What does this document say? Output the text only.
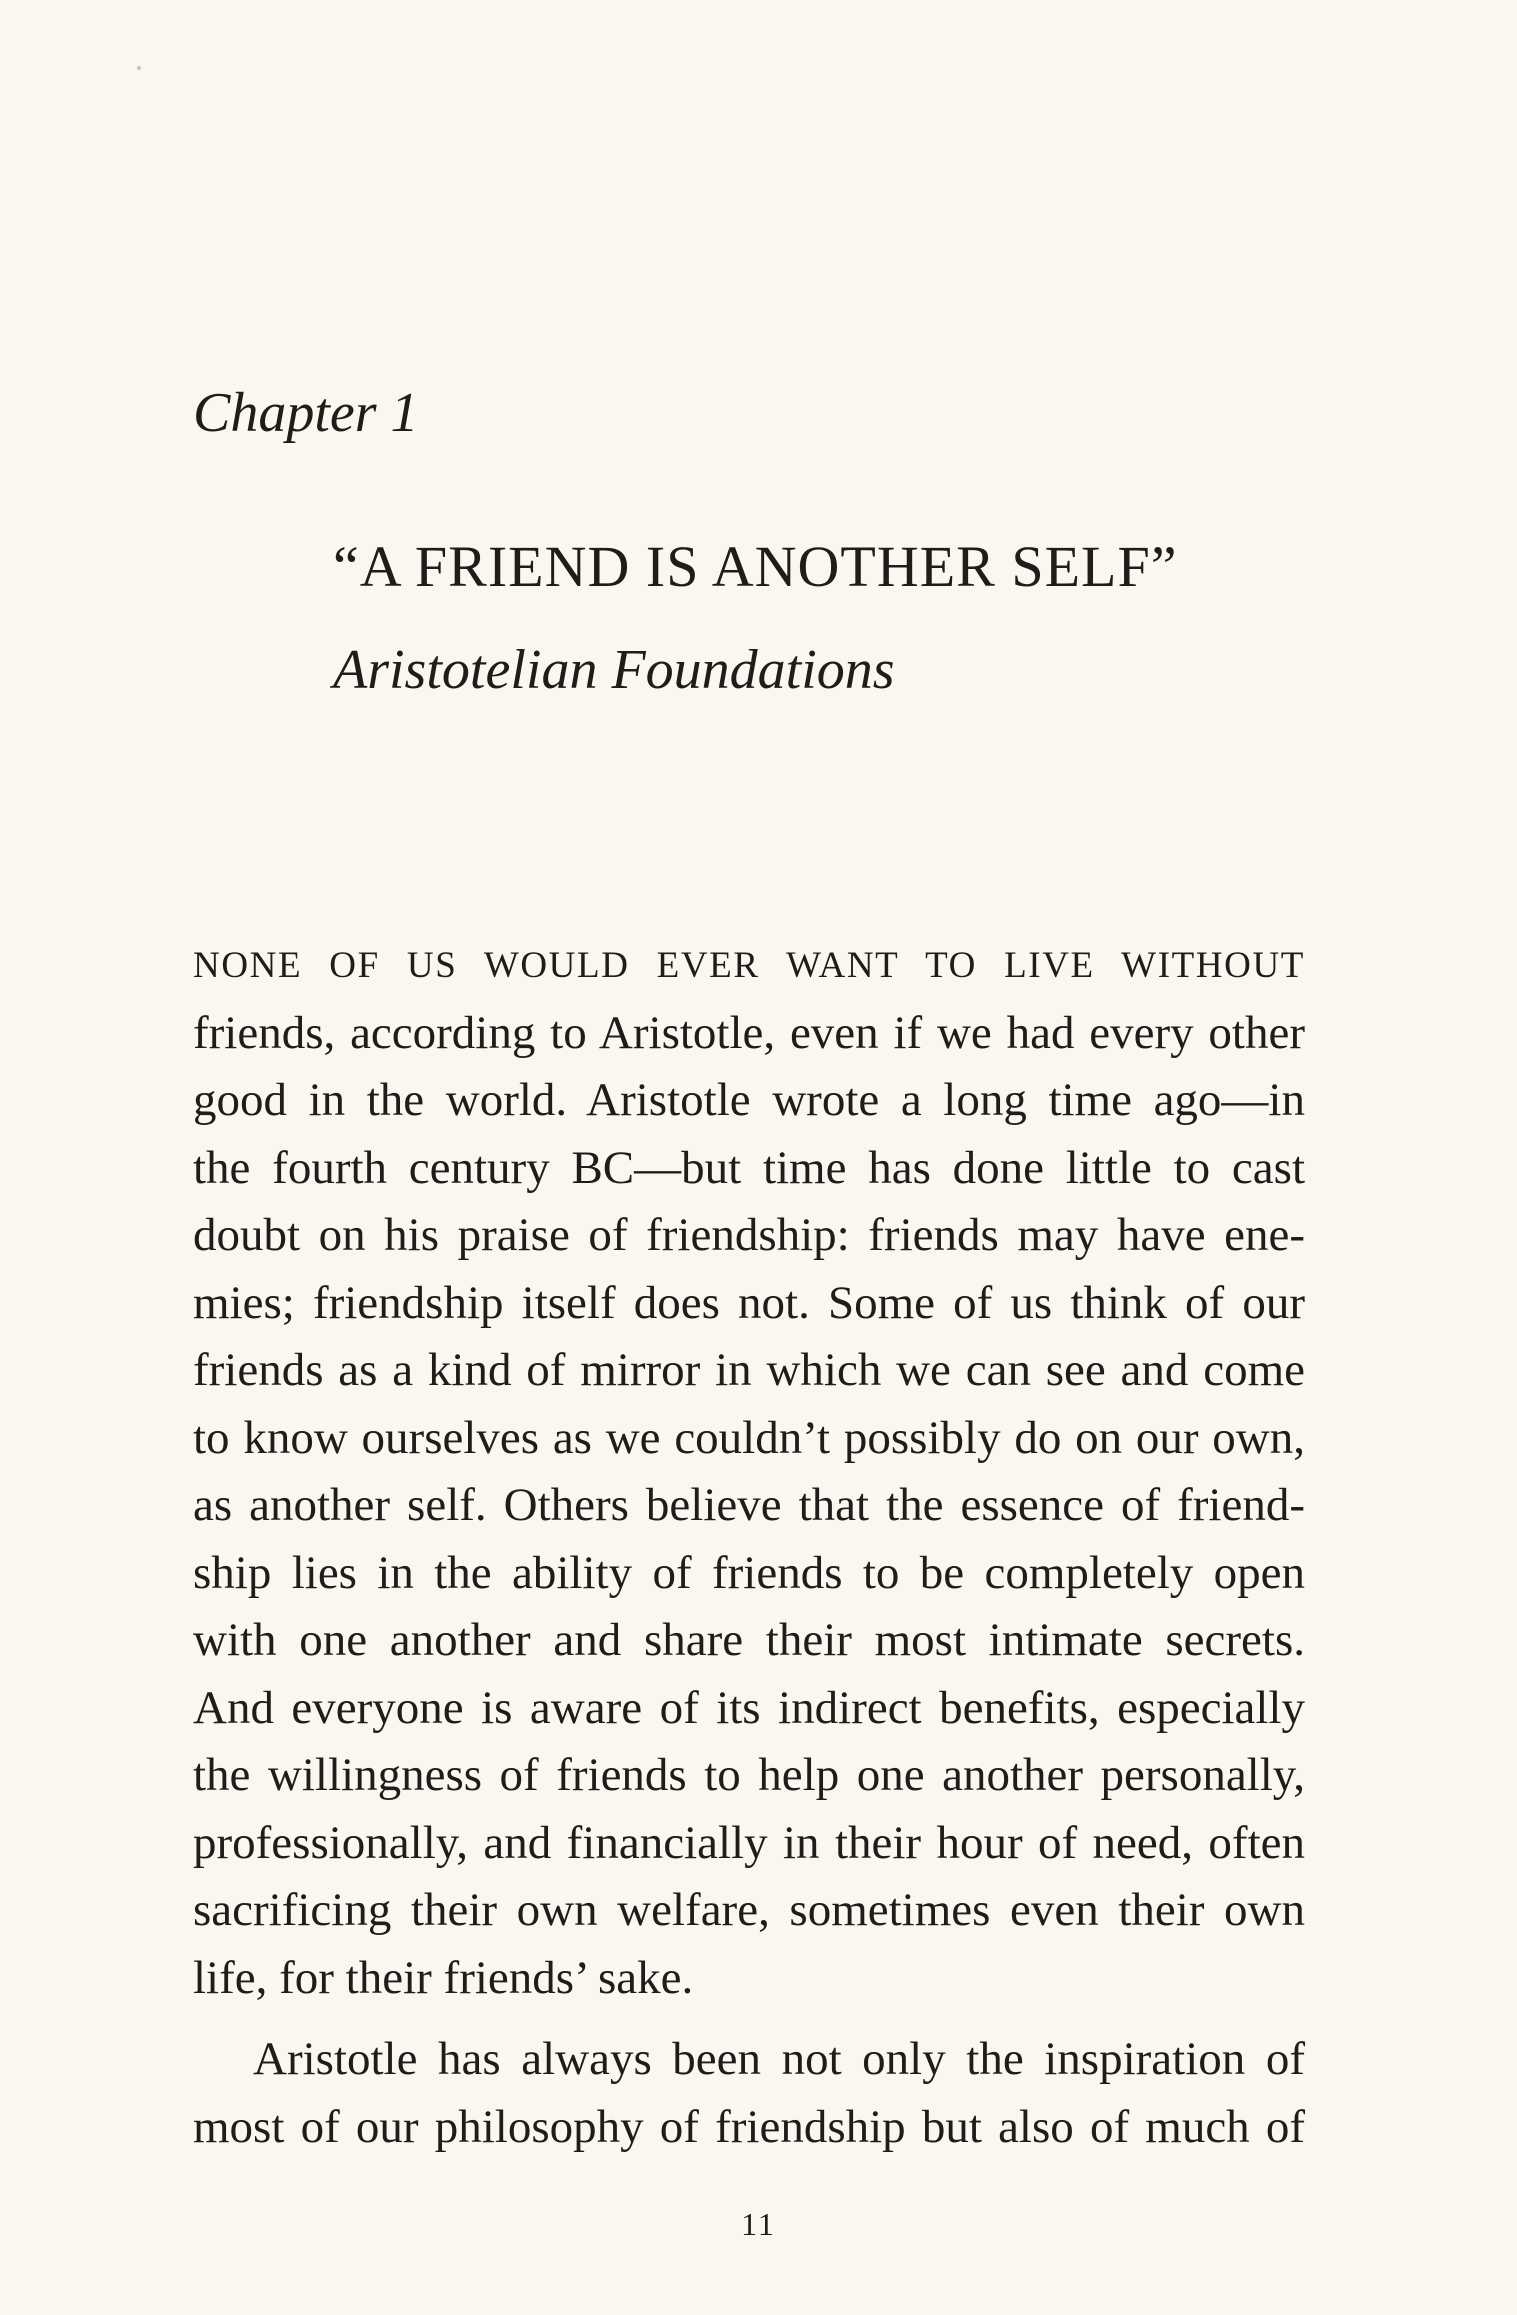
Chapter 1
“A FRIEND IS ANOTHER SELF”
Aristotelian Foundations
NONE OF US WOULD EVER WANT TO LIVE WITHOUT
friends, according to Aristotle, even if we had every other
good in the world. Aristotle wrote a long time ago—in
the fourth century BC—but time has done little to cast
doubt on his praise of friendship: friends may have ene-
mies; friendship itself does not. Some of us think of our
friends as a kind of mirror in which we can see and come
to know ourselves as we couldn’t possibly do on our own,
as another self. Others believe that the essence of friend-
ship lies in the ability of friends to be completely open
with one another and share their most intimate secrets.
And everyone is aware of its indirect benefits, especially
the willingness of friends to help one another personally,
professionally, and financially in their hour of need, often
sacrificing their own welfare, sometimes even their own
life, for their friends’ sake.
Aristotle has always been not only the inspiration of
most of our philosophy of friendship but also of much of
11
